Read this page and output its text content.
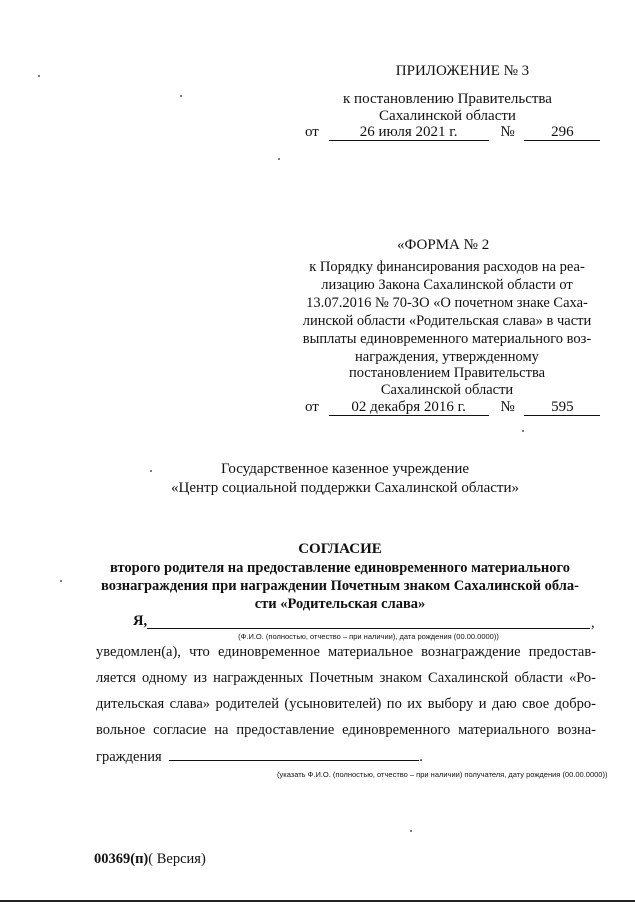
ПРИЛОЖЕНИЕ № 3
к постановлению Правительства
Сахалинской области
от	26 июля 2021 г.	№ 296
«ФОРМА № 2
к Порядку финансирования расходов на реа-
лизацию Закона Сахалинской области от
13.07.2016 № 70-ЗО «О почетном знаке Саха-
линской области «Родительская слава» в части
выплаты единовременного материального воз-
награждения, утвержденному
постановлением Правительства
Сахалинской области
от 02 декабря 2016 г. № 595
Государственное казенное учреждение
«Центр социальной поддержки Сахалинской области»
СОГЛАСИЕ
второго родителя на предоставление единовременного материального
вознаграждения при награждении Почетным знаком Сахалинской обла-
сти «Родительская слава»
Я,	,
(Ф.И.О. (полностью, отчество – при наличии), дата рождения (00.00.0000))
уведомлен(а), что единовременное материальное вознаграждение предостав-
ляется одному из награжденных Почетным знаком Сахалинской области «Ро-
дительская слава» родителей (усыновителей) по их выбору и даю свое добро-
вольное согласие на предоставление единовременного материального возна-
граждения	.
(указать Ф.И.О. (полностью, отчество – при наличии) получателя, дату рождения (00.00.0000))
00369(п)( Версия)
